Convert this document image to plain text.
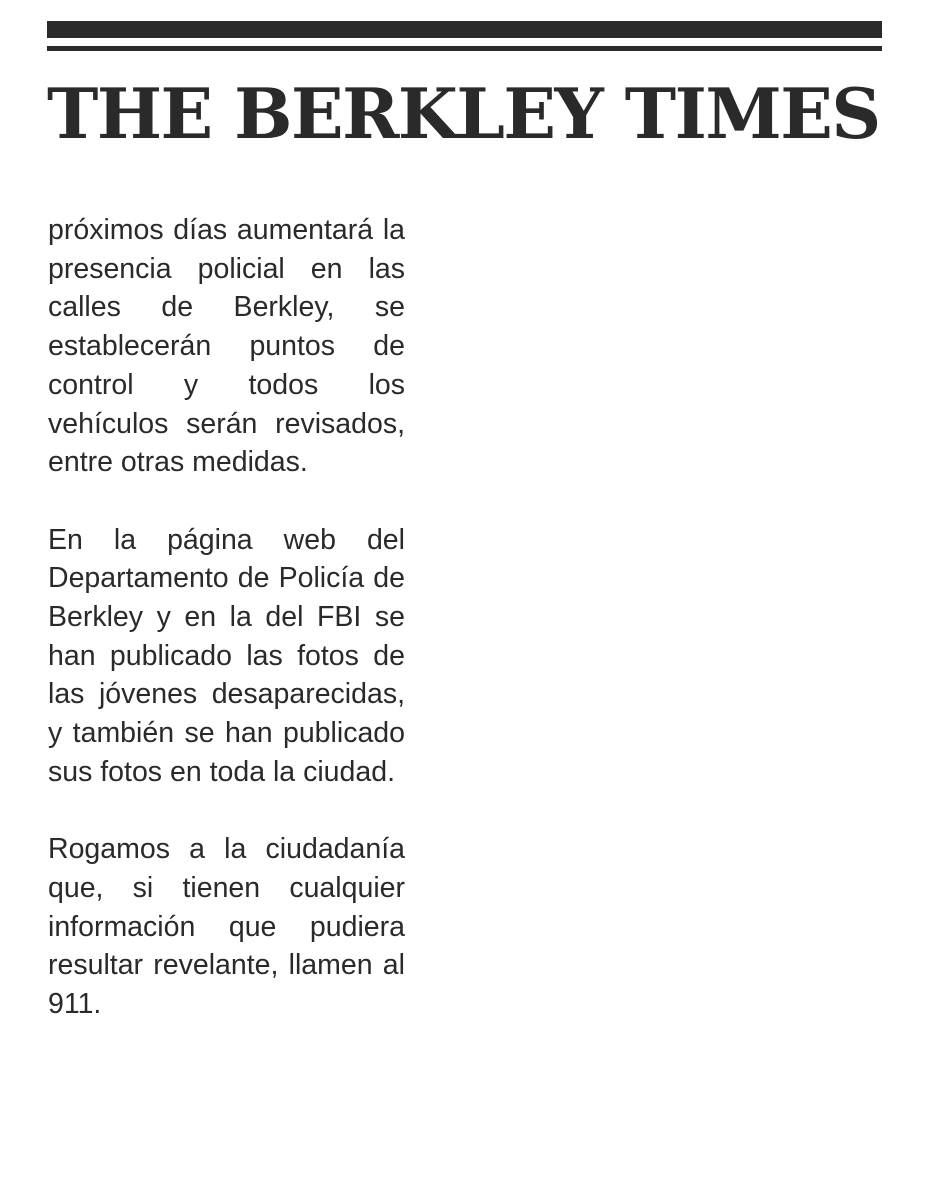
THE BERKLEY TIMES

próximos días aumentará la presencia policial en las calles de Berkley, se establecerán puntos de control y todos los vehículos serán revisados, entre otras medidas.

En la página web del Departamento de Policía de Berkley y en la del FBI se han publicado las fotos de las jóvenes desaparecidas, y también se han publicado sus fotos en toda la ciudad.

Rogamos a la ciudadanía que, si tienen cualquier información que pudiera resultar revelante, llamen al 911.
